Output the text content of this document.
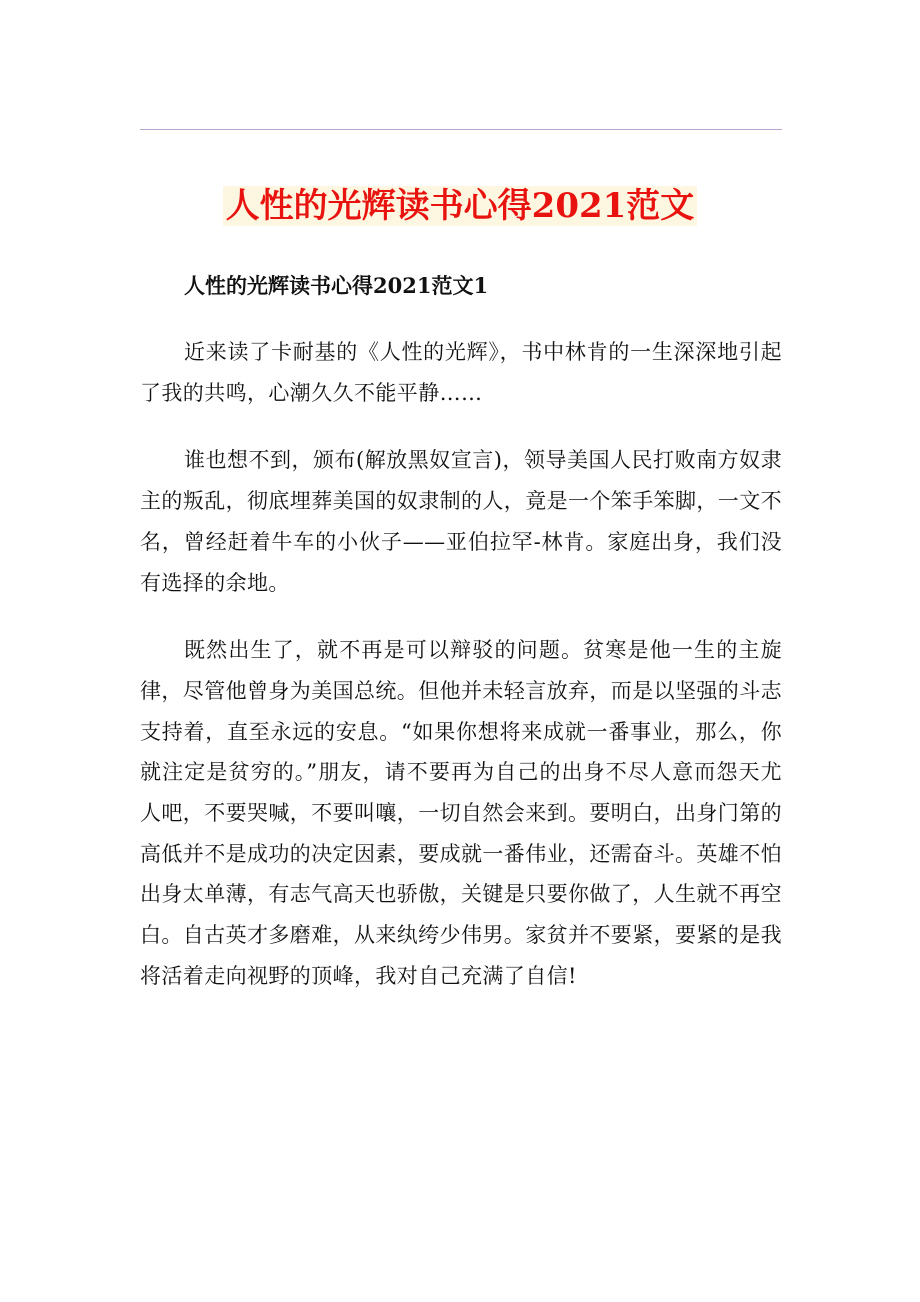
人性的光辉读书心得2021范文
人性的光辉读书心得2021范文1

近来读了卡耐基的《人性的光辉》，书中林肯的一生深深地引起了我的共鸣，心潮久久不能平静……

谁也想不到，颁布(解放黑奴宣言)，领导美国人民打败南方奴隶主的叛乱，彻底埋葬美国的奴隶制的人，竟是一个笨手笨脚，一文不名，曾经赶着牛车的小伙子——亚伯拉罕-林肯。家庭出身，我们没有选择的余地。

既然出生了，就不再是可以辩驳的问题。贫寒是他一生的主旋律，尽管他曾身为美国总统。但他并未轻言放弃，而是以坚强的斗志支持着，直至永远的安息。“如果你想将来成就一番事业，那么，你就注定是贫穷的。”朋友，请不要再为自己的出身不尽人意而怨天尤人吧，不要哭喊，不要叫嚷，一切自然会来到。要明白，出身门第的高低并不是成功的决定因素，要成就一番伟业，还需奋斗。英雄不怕出身太单薄，有志气高天也骄傲，关键是只要你做了，人生就不再空白。自古英才多磨难，从来纨绔少伟男。家贫并不要紧，要紧的是我将活着走向视野的顶峰，我对自己充满了自信!
